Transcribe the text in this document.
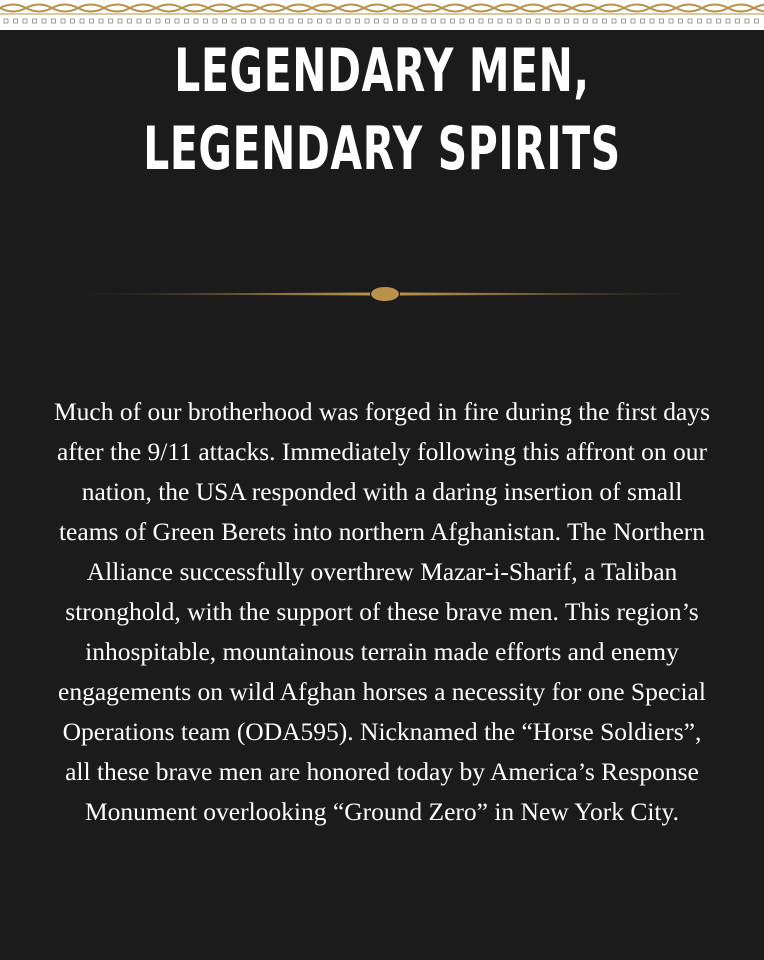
LEGENDARY MEN,
LEGENDARY SPIRITS
Much of our brotherhood was forged in fire during the first days after the 9/11 attacks. Immediately following this affront on our nation, the USA responded with a daring insertion of small teams of Green Berets into northern Afghanistan. The Northern Alliance successfully overthrew Mazar-i-Sharif, a Taliban stronghold, with the support of these brave men. This region’s inhospitable, mountainous terrain made efforts and enemy engagements on wild Afghan horses a necessity for one Special Operations team (ODA595). Nicknamed the “Horse Soldiers”, all these brave men are honored today by America’s Response Monument overlooking “Ground Zero” in New York City.
